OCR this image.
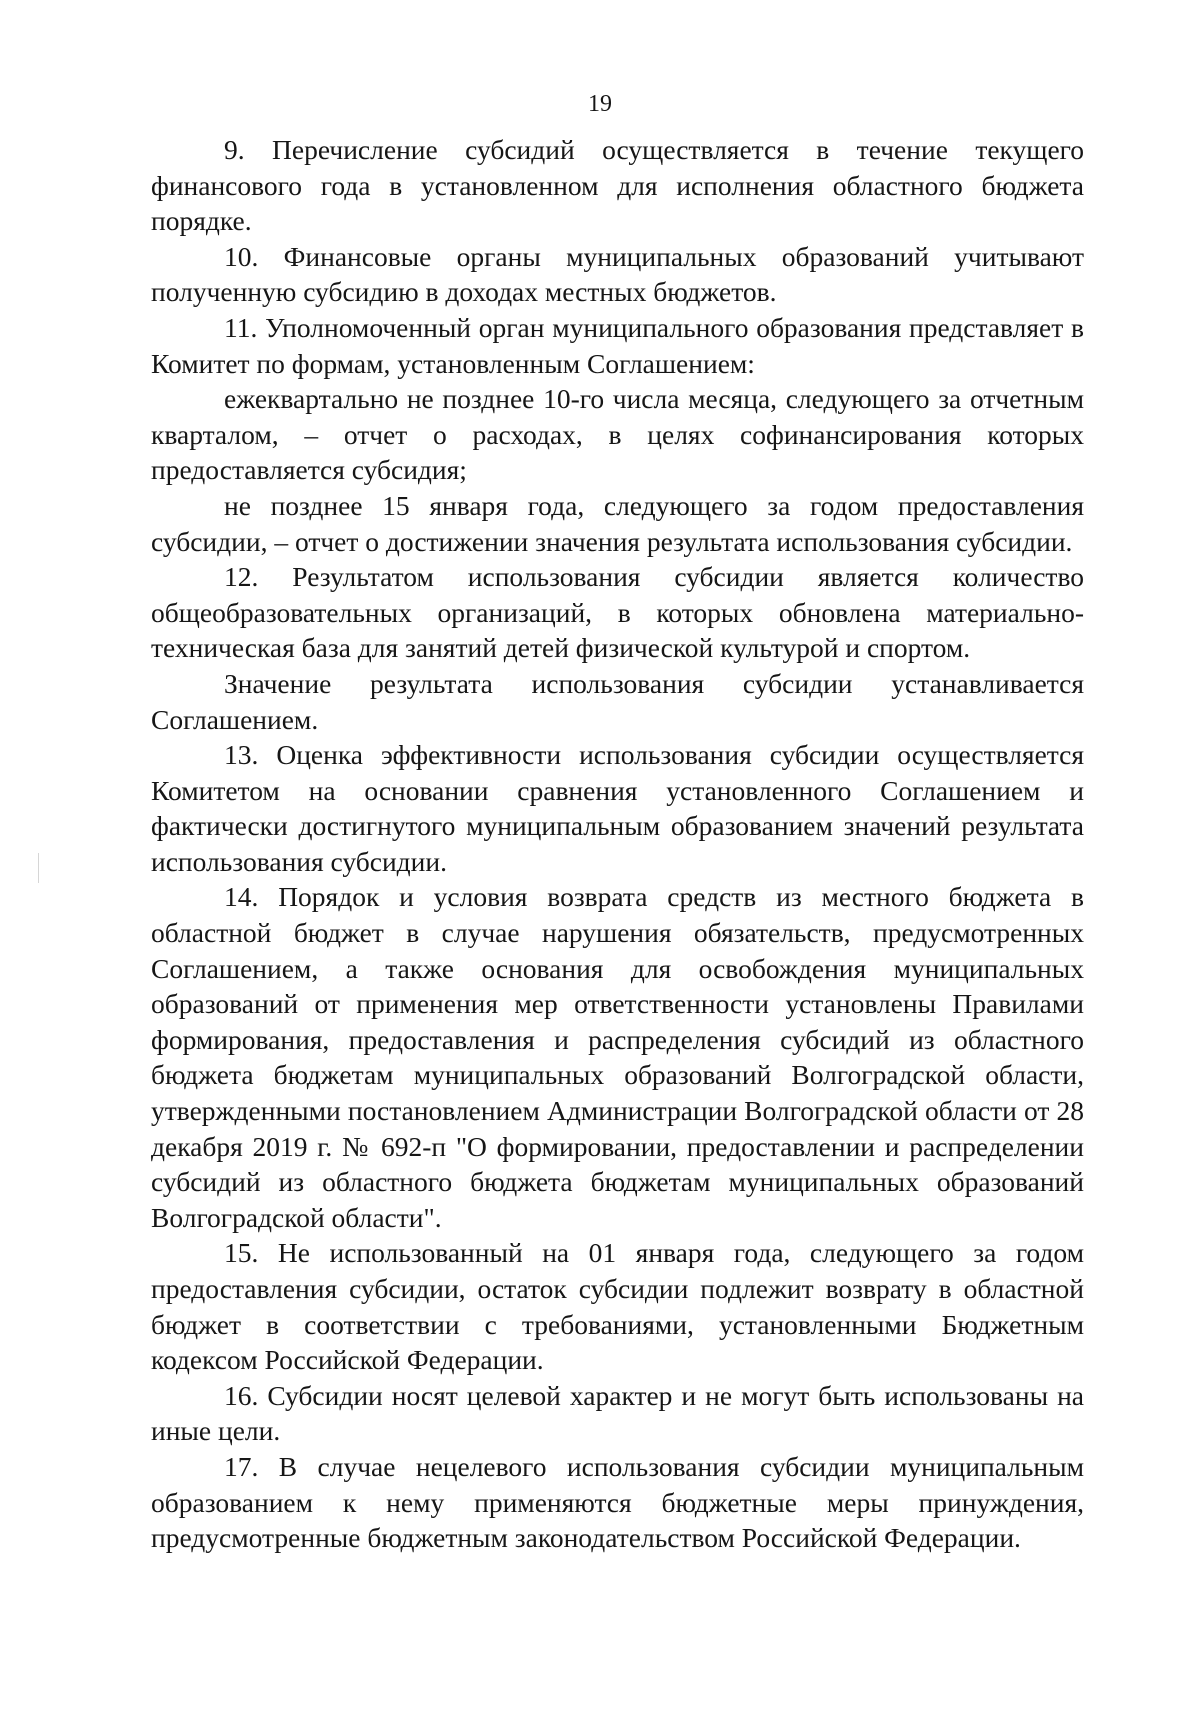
19

9. Перечисление субсидий осуществляется в течение текущего финансового года в установленном для исполнения областного бюджета порядке.

10. Финансовые органы муниципальных образований учитывают полученную субсидию в доходах местных бюджетов.

11. Уполномоченный орган муниципального образования представляет в Комитет по формам, установленным Соглашением:

ежеквартально не позднее 10-го числа месяца, следующего за отчетным кварталом, – отчет о расходах, в целях софинансирования которых предоставляется субсидия;

не позднее 15 января года, следующего за годом предоставления субсидии, – отчет о достижении значения результата использования субсидии.

12. Результатом использования субсидии является количество общеобразовательных организаций, в которых обновлена материально-техническая база для занятий детей физической культурой и спортом.

Значение результата использования субсидии устанавливается Соглашением.

13. Оценка эффективности использования субсидии осуществляется Комитетом на основании сравнения установленного Соглашением и фактически достигнутого муниципальным образованием значений результата использования субсидии.

14. Порядок и условия возврата средств из местного бюджета в областной бюджет в случае нарушения обязательств, предусмотренных Соглашением, а также основания для освобождения муниципальных образований от применения мер ответственности установлены Правилами формирования, предоставления и распределения субсидий из областного бюджета бюджетам муниципальных образований Волгоградской области, утвержденными постановлением Администрации Волгоградской области от 28 декабря 2019 г. № 692-п "О формировании, предоставлении и распределении субсидий из областного бюджета бюджетам муниципальных образований Волгоградской области".

15. Не использованный на 01 января года, следующего за годом предоставления субсидии, остаток субсидии подлежит возврату в областной бюджет в соответствии с требованиями, установленными Бюджетным кодексом Российской Федерации.

16. Субсидии носят целевой характер и не могут быть использованы на иные цели.

17. В случае нецелевого использования субсидии муниципальным образованием к нему применяются бюджетные меры принуждения, предусмотренные бюджетным законодательством Российской Федерации.
